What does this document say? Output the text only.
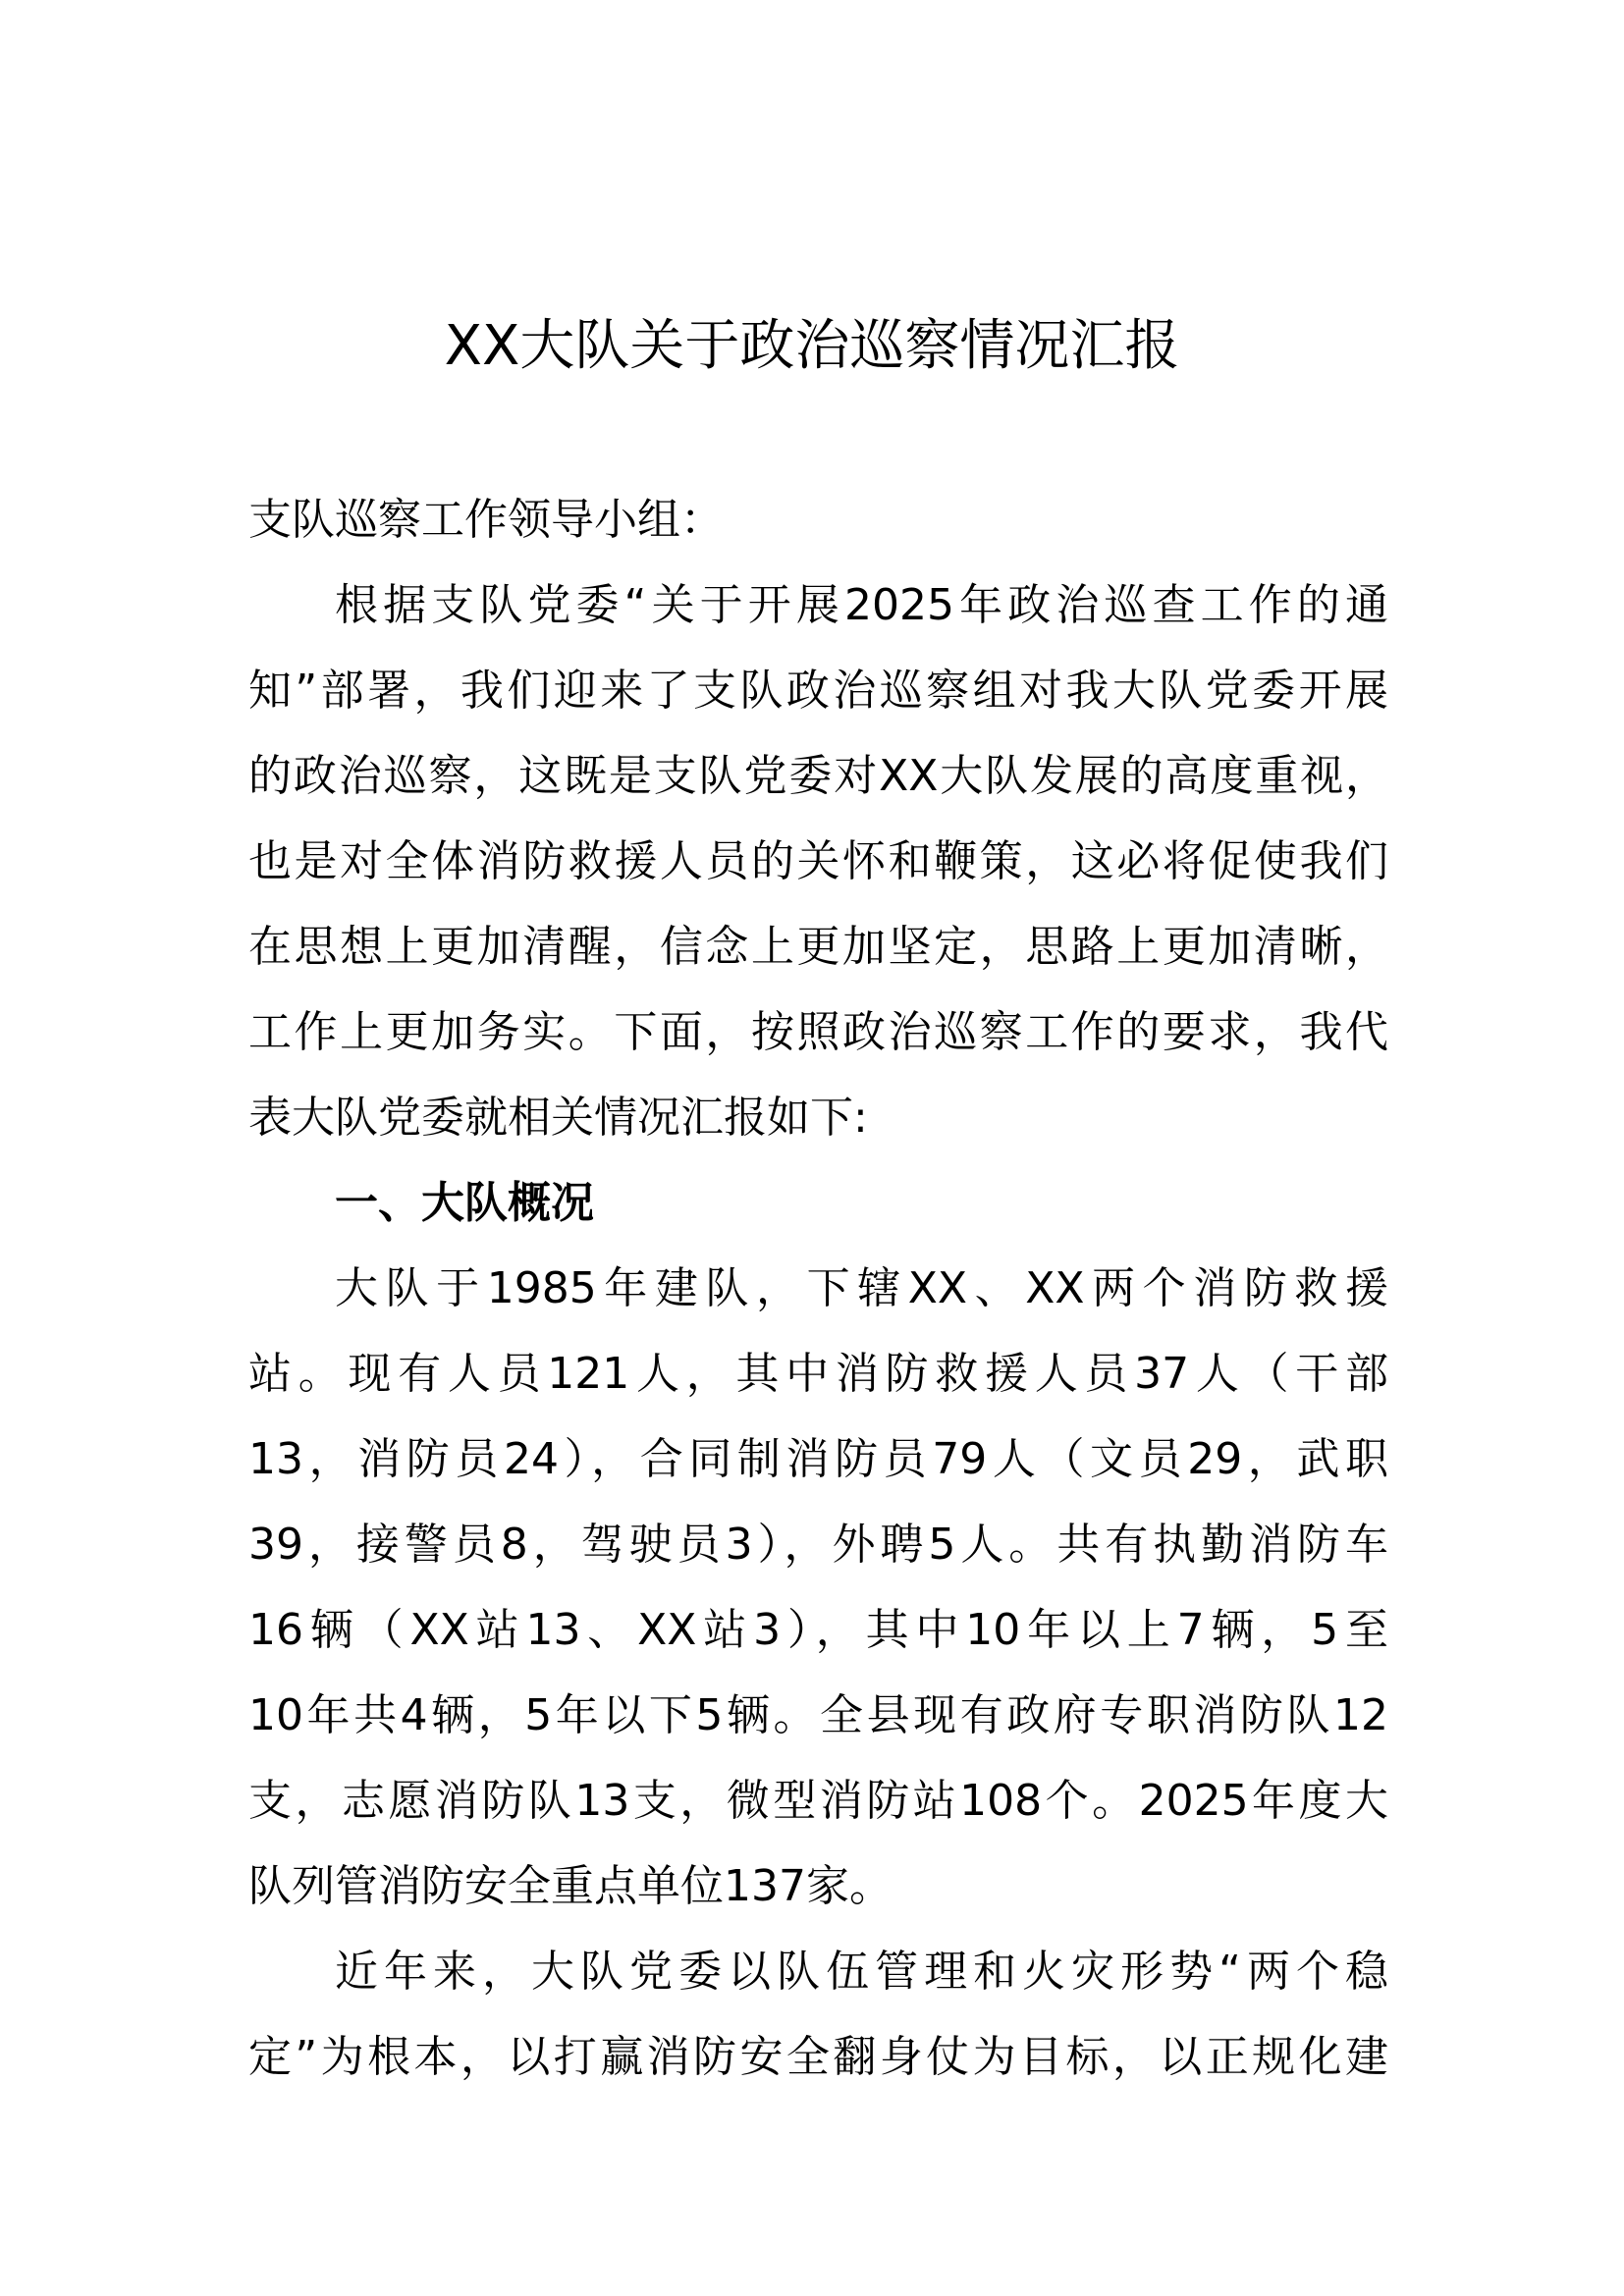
XX大队关于政治巡察情况汇报
支队巡察工作领导小组：
根据支队党委“关于开展2025年政治巡查工作的通
知”部署，我们迎来了支队政治巡察组对我大队党委开展
的政治巡察，这既是支队党委对XX大队发展的高度重视，
也是对全体消防救援人员的关怀和鞭策，这必将促使我们
在思想上更加清醒，信念上更加坚定，思路上更加清晰，
工作上更加务实。下面，按照政治巡察工作的要求，我代
表大队党委就相关情况汇报如下:
一、大队概况
大队于1985年建队，下辖XX、XX两个消防救援
站。现有人员121人，其中消防救援人员37人（干部
13，消防员24），合同制消防员79人（文员29，武职
39，接警员8，驾驶员3），外聘5人。共有执勤消防车
16辆（XX站13、XX站3），其中10年以上7辆，5至
10年共4辆，5年以下5辆。全县现有政府专职消防队12
支，志愿消防队13支，微型消防站108个。2025年度大
队列管消防安全重点单位137家。
近年来，大队党委以队伍管理和火灾形势“两个稳
定”为根本，以打赢消防安全翻身仗为目标，以正规化建
